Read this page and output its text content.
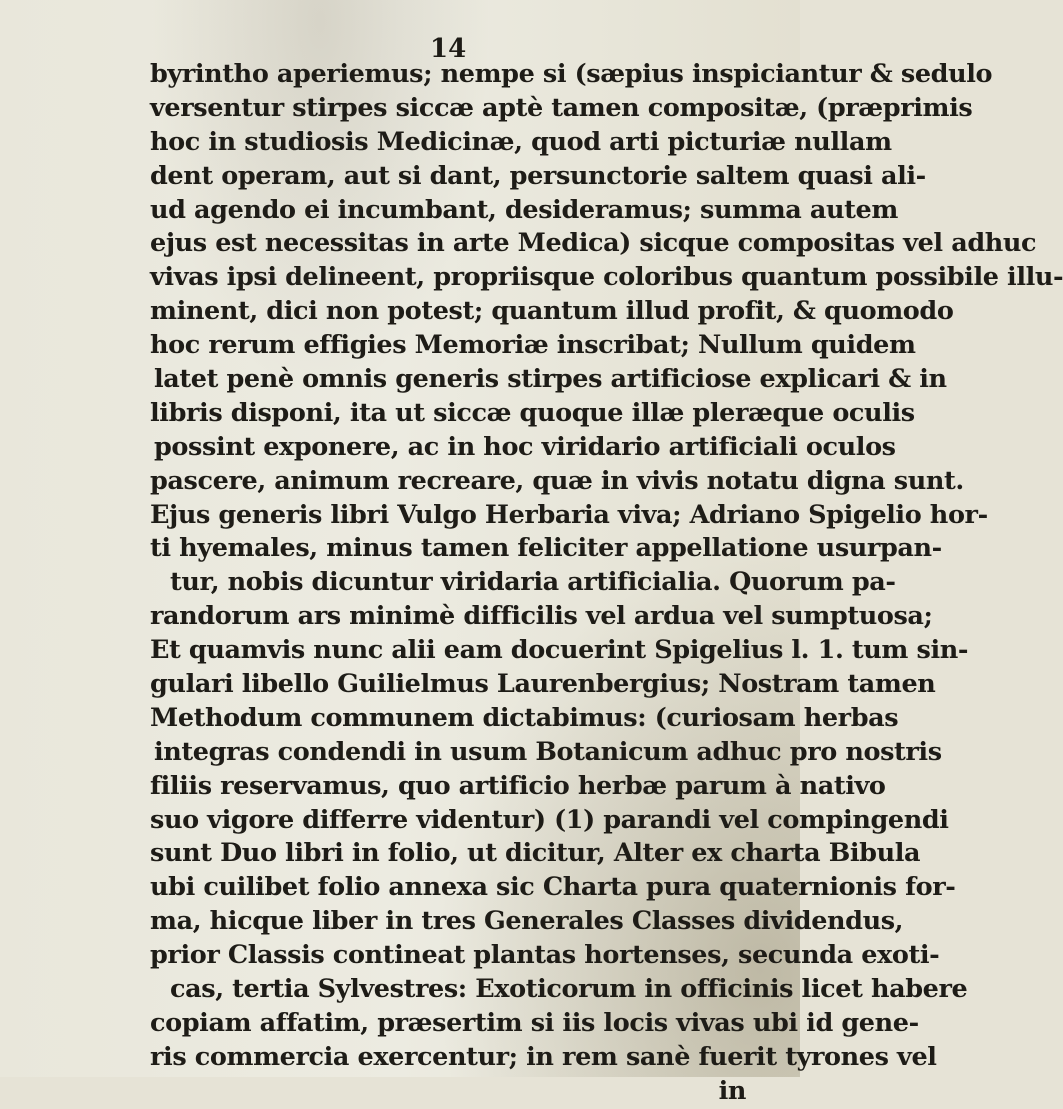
14
byrintho aperiemus; nempe si (sæpius inspiciantur & sedulo
versentur stirpes siccæ aptè tamen compositæ, (præprimis
hoc in studiosis Medicinæ, quod arti picturiæ nullam
dent operam, aut si dant, persunctorie saltem quasi ali-
ud agendo ei incumbant, desideramus; summa autem
ejus est necessitas in arte Medica) sicque compositas vel adhuc
vivas ipsi delineent, propriisque coloribus quantum possibile illu-
minent, dici non potest; quantum illud profit, & quomodo
hoc rerum effigies Memoriæ inscribat; Nullum quidem
latet penè omnis generis stirpes artificiose explicari & in
libris disponi, ita ut siccæ quoque illæ pleræque oculis
possint exponere, ac in hoc viridario artificiali oculos
pascere, animum recreare, quæ in vivis notatu digna sunt.
Ejus generis libri Vulgo Herbaria viva; Adriano Spigelio hor-
ti hyemales, minus tamen feliciter appellatione usurpan-
tur, nobis dicuntur viridaria artificialia. Quorum pa-
randorum ars minimè difficilis vel ardua vel sumptuosa;
Et quamvis nunc alii eam docuerint Spigelius l. 1. tum sin-
gulari libello Guilielmus Laurenbergius; Nostram tamen
Methodum communem dictabimus: (curiosam herbas
integras condendi in usum Botanicum adhuc pro nostris
filiis reservamus, quo artificio herbæ parum à nativo
suo vigore differre videntur) (1) parandi vel compingendi
sunt Duo libri in folio, ut dicitur, Alter ex charta Bibula
ubi cuilibet folio annexa sic Charta pura quaternionis for-
ma, hicque liber in tres Generales Classes dividendus,
prior Classis contineat plantas hortenses, secunda exoti-
cas, tertia Sylvestres: Exoticorum in officinis licet habere
copiam affatim, præsertim si iis locis vivas ubi id gene-
ris commercia exercentur; in rem sanè fuerit tyrones vel
in
